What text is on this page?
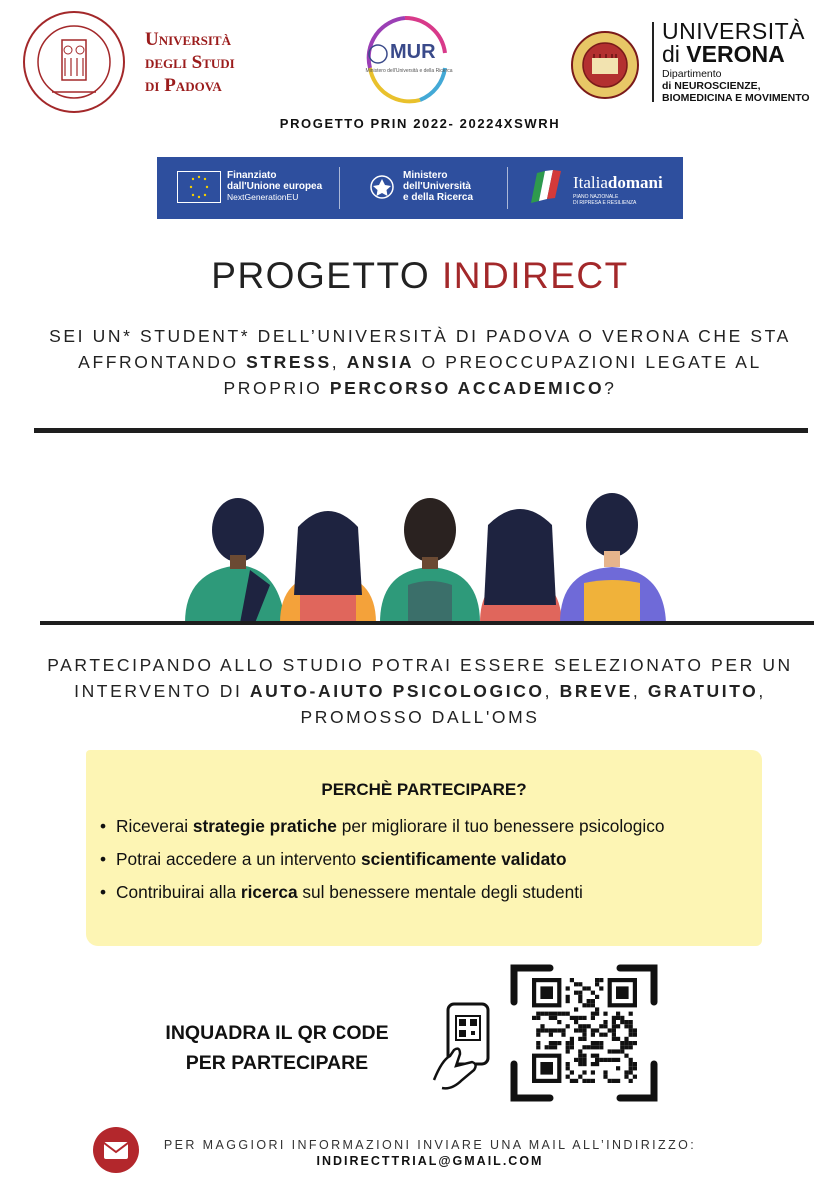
Università
degli Studi
di Padova
MUR
Ministero dell'Università e della Ricerca
UNIVERSITÀ
di VERONA
Dipartimento
di NEUROSCIENZE,
BIOMEDICINA E MOVIMENTO
PROGETTO PRIN 2022- 20224XSWRH
Finanziato
dall'Unione europea
NextGenerationEU
Ministero
dell'Università
e della Ricerca
Italiadomani
PIANO NAZIONALE
DI RIPRESA E RESILIENZA
PROGETTO INDIRECT
SEI UN* STUDENT* DELL’UNIVERSITÀ DI PADOVA O VERONA CHE STA AFFRONTANDO STRESS, ANSIA O PREOCCUPAZIONI LEGATE AL PROPRIO PERCORSO ACCADEMICO?
PARTECIPANDO ALLO STUDIO POTRAI ESSERE SELEZIONATO PER UN INTERVENTO DI AUTO-AIUTO PSICOLOGICO, BREVE, GRATUITO, PROMOSSO DALL'OMS
PERCHÈ PARTECIPARE?
• Riceverai strategie pratiche per migliorare il tuo benessere psicologico
• Potrai accedere a un intervento scientificamente validato
• Contribuirai alla ricerca sul benessere mentale degli studenti
INQUADRA IL QR CODE
PER PARTECIPARE
PER MAGGIORI INFORMAZIONI INVIARE UNA MAIL ALL’INDIRIZZO:
INDIRECTTRIAL@GMAIL.COM
